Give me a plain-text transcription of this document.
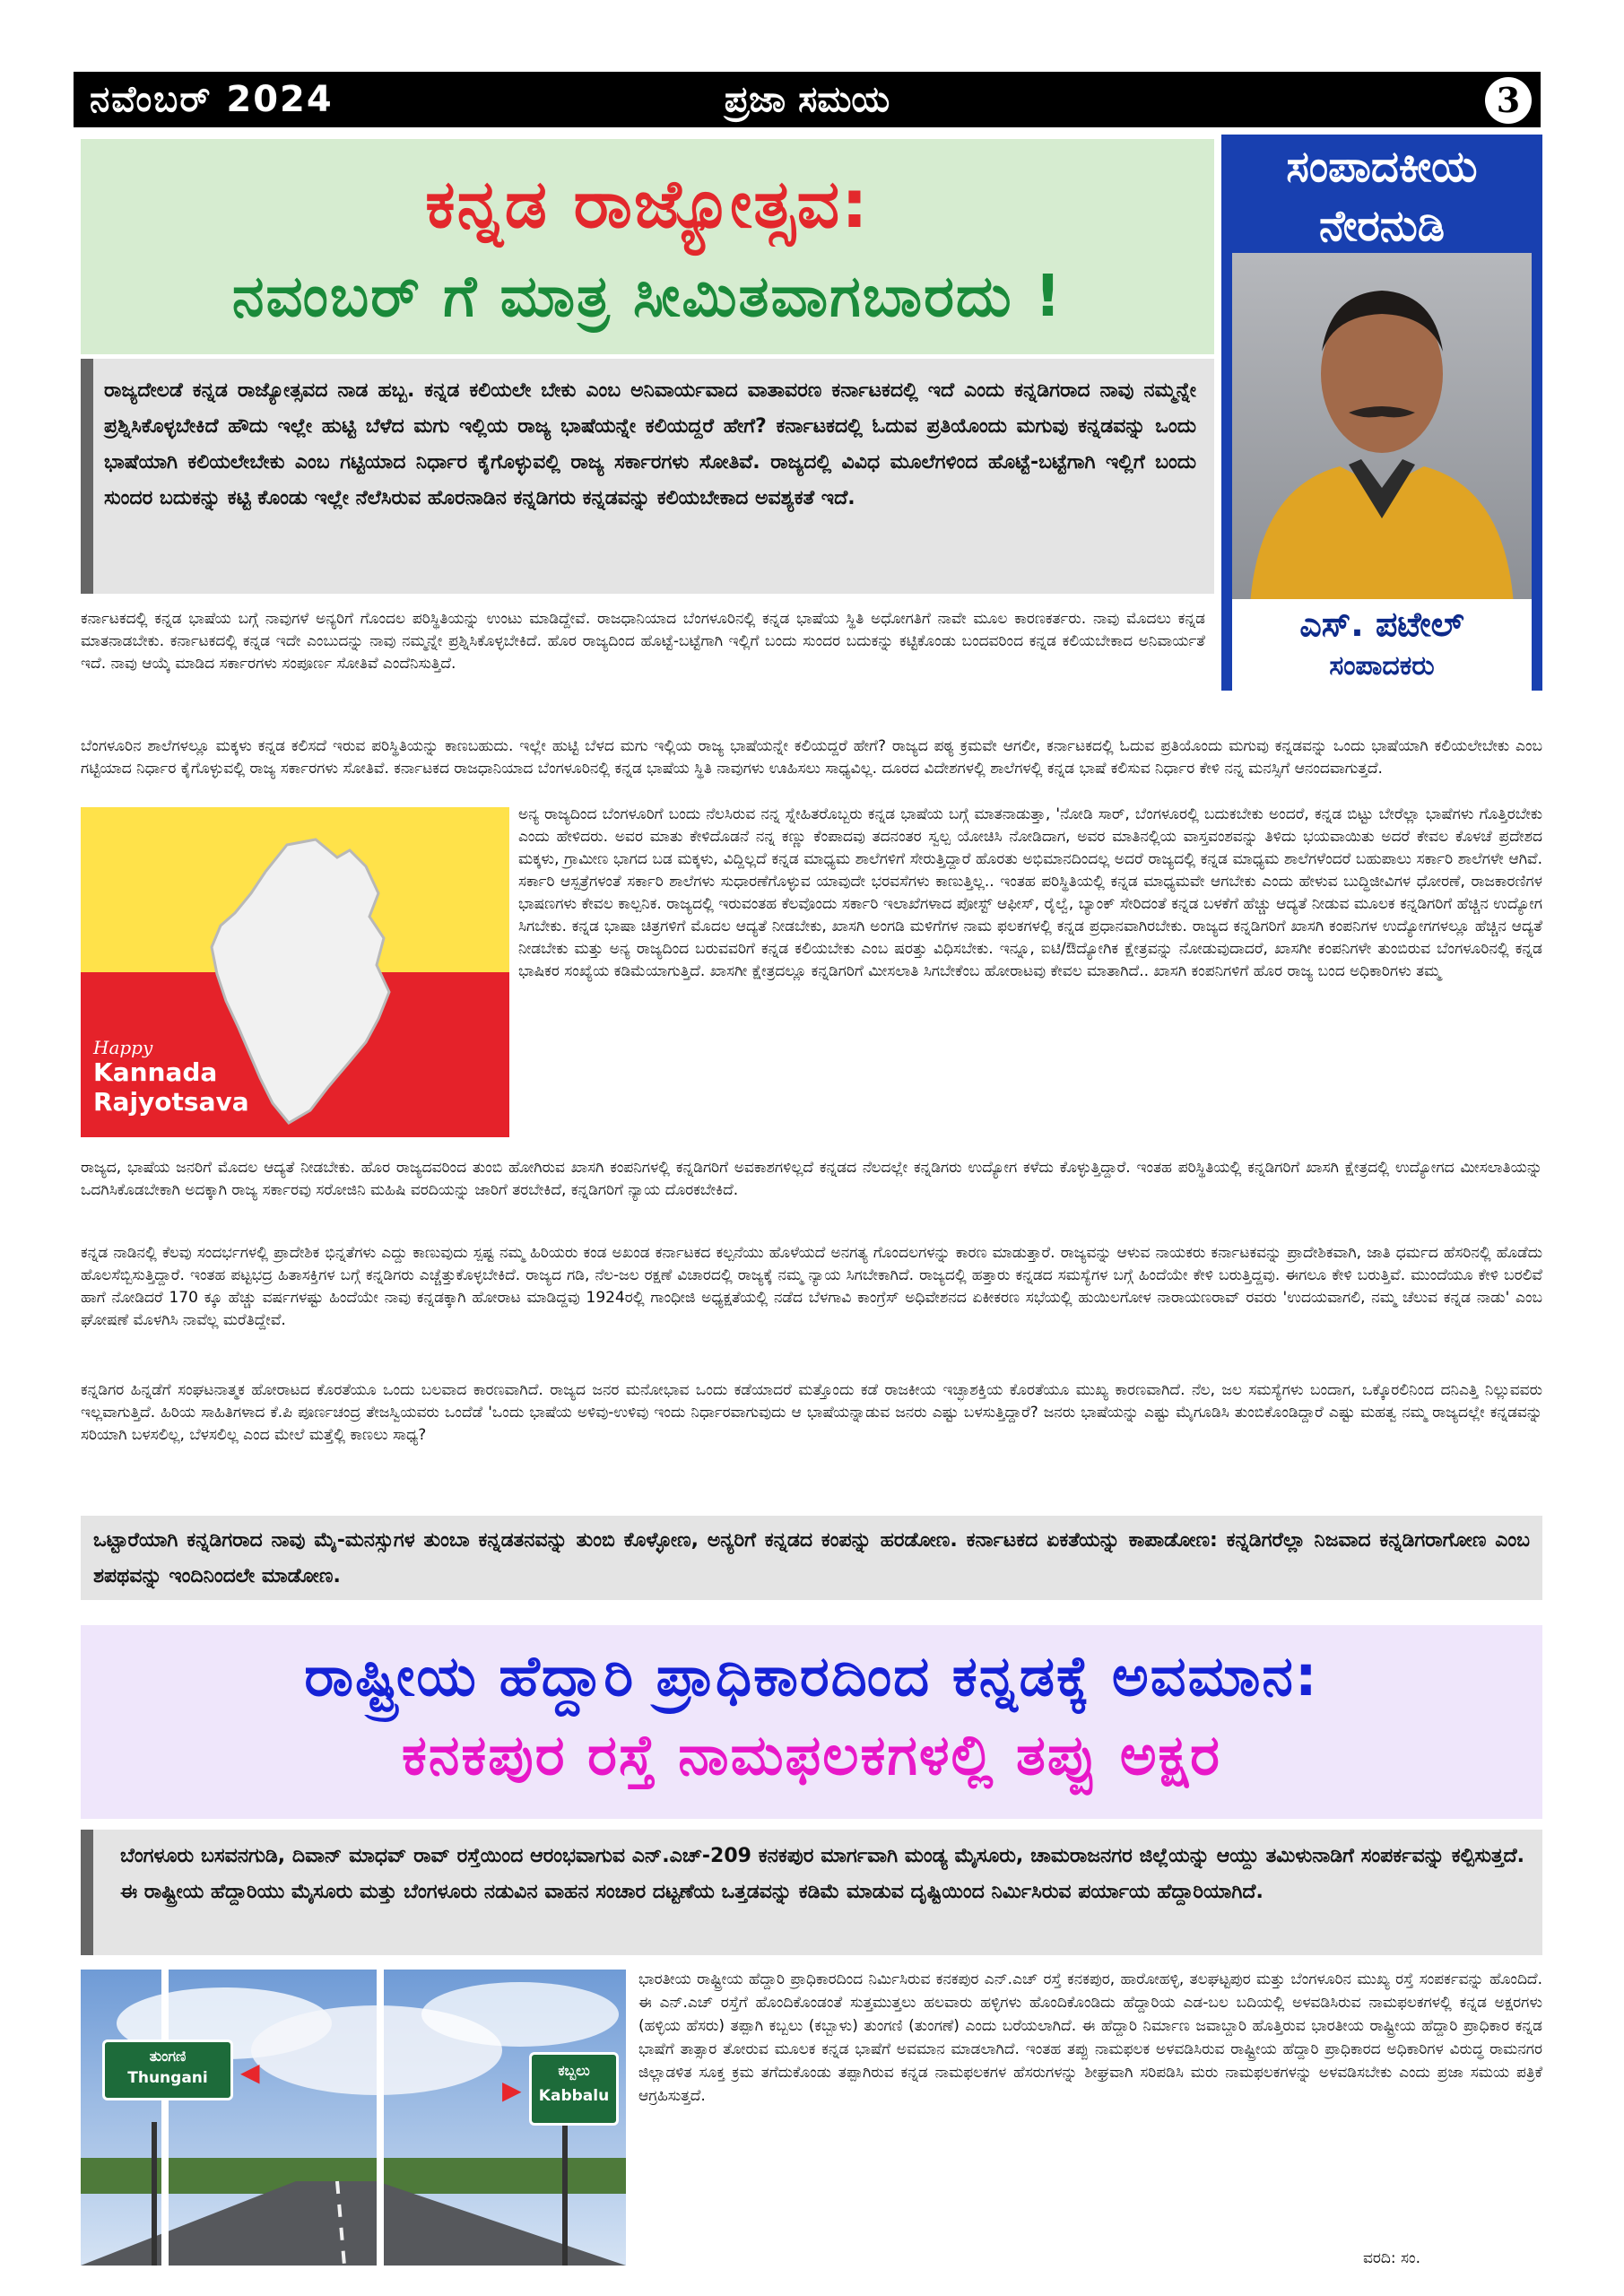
ನವೆಂಬರ್ 2024	ಪ್ರಜಾ ಸಮಯ	3
ಕನ್ನಡ ರಾಜ್ಯೋತ್ಸವ:
ನವಂಬರ್ ಗೆ ಮಾತ್ರ ಸೀಮಿತವಾಗಬಾರದು !
ಸಂಪಾದಕೀಯ
ನೇರನುಡಿ
ಎಸ್. ಪಟೇಲ್
ಸಂಪಾದಕರು

ರಾಜ್ಯದೇಲಡೆ ಕನ್ನಡ ರಾಜ್ಯೋತ್ಸವದ ನಾಡ ಹಬ್ಬ. ಕನ್ನಡ ಕಲಿಯಲೇ ಬೇಕು ಎಂಬ ಅನಿವಾರ್ಯವಾದ ವಾತಾವರಣ ಕರ್ನಾಟಕದಲ್ಲಿ ಇದೆ ಎಂದು ಕನ್ನಡಿಗರಾದ ನಾವು ನಮ್ಮನ್ನೇ ಪ್ರಶ್ನಿಸಿಕೊಳ್ಳಬೇಕಿದೆ ಹೌದು ಇಲ್ಲೇ ಹುಟ್ಟಿ ಬೆಳೆದ ಮಗು ಇಲ್ಲಿಯ ರಾಜ್ಯ ಭಾಷೆಯನ್ನೇ ಕಲಿಯದ್ದರೆ ಹೇಗೆ? ಕರ್ನಾಟಕದಲ್ಲಿ ಓದುವ ಪ್ರತಿಯೊಂದು ಮಗುವು ಕನ್ನಡವನ್ನು ಒಂದು ಭಾಷೆಯಾಗಿ ಕಲಿಯಲೇಬೇಕು ಎಂಬ ಗಟ್ಟಿಯಾದ ನಿರ್ಧಾರ ಕೈಗೊಳ್ಳುವಲ್ಲಿ ರಾಜ್ಯ ಸರ್ಕಾರಗಳು ಸೋತಿವೆ. ರಾಜ್ಯದಲ್ಲಿ ವಿವಿಧ ಮೂಲೆಗಳಿಂದ ಹೊಟ್ಟೆ-ಬಟ್ಟೆಗಾಗಿ ಇಲ್ಲಿಗೆ ಬಂದು ಸುಂದರ ಬದುಕನ್ನು ಕಟ್ಟಿ ಕೊಂಡು ಇಲ್ಲೇ ನೆಲೆಸಿರುವ ಹೊರನಾಡಿನ ಕನ್ನಡಿಗರು ಕನ್ನಡವನ್ನು ಕಲಿಯಬೇಕಾದ ಅವಶ್ಯಕತೆ ಇದೆ.

ಕರ್ನಾಟಕದಲ್ಲಿ ಕನ್ನಡ ಭಾಷೆಯ ಬಗ್ಗೆ ನಾವುಗಳೆ ಅನ್ಯರಿಗೆ ಗೊಂದಲ ಪರಿಸ್ಥಿತಿಯನ್ನು ಉಂಟು ಮಾಡಿದ್ದೇವೆ. ರಾಜಧಾನಿಯಾದ ಬೆಂಗಳೂರಿನಲ್ಲಿ ಕನ್ನಡ ಭಾಷೆಯ ಸ್ಥಿತಿ ಅಧೋಗತಿಗೆ ನಾವೇ ಮೂಲ ಕಾರಣಕರ್ತರು. ನಾವು ಮೊದಲು ಕನ್ನಡ ಮಾತನಾಡಬೇಕು. ಕರ್ನಾಟಕದಲ್ಲಿ ಕನ್ನಡ ಇದೇ ಎಂಬುದನ್ನು ನಾವು ನಮ್ಮನ್ನೇ ಪ್ರಶ್ನಿಸಿಕೊಳ್ಳಬೇಕಿದೆ. ಹೊರ ರಾಜ್ಯದಿಂದ ಹೊಟ್ಟೆ-ಬಟ್ಟೆಗಾಗಿ ಇಲ್ಲಿಗೆ ಬಂದು ಸುಂದರ ಬದುಕನ್ನು ಕಟ್ಟಿಕೊಂಡು ಬಂದವರಿಂದ ಕನ್ನಡ ಕಲಿಯಬೇಕಾದ ಅನಿವಾರ್ಯತೆ ಇದೆ. ನಾವು ಆಯ್ಕೆ ಮಾಡಿದ ಸರ್ಕಾರಗಳು ಸಂಪೂರ್ಣ ಸೋತಿವೆ ಎಂದೆನಿಸುತ್ತಿದೆ.

ಬೆಂಗಳೂರಿನ ಶಾಲೆಗಳಲ್ಲೂ ಮಕ್ಕಳು ಕನ್ನಡ ಕಲಿಸದೆ ಇರುವ ಪರಿಸ್ಥಿತಿಯನ್ನು ಕಾಣಬಹುದು. ಇಲ್ಲೇ ಹುಟ್ಟಿ ಬೆಳದ ಮಗು ಇಲ್ಲಿಯ ರಾಜ್ಯ ಭಾಷೆಯನ್ನೇ ಕಲಿಯದ್ದರೆ ಹೇಗೆ? ರಾಜ್ಯದ ಪಠ್ಯ ಕ್ರಮವೇ ಆಗಲೀ, ಕರ್ನಾಟಕದಲ್ಲಿ ಓದುವ ಪ್ರತಿಯೊಂದು ಮಗುವು ಕನ್ನಡವನ್ನು ಒಂದು ಭಾಷೆಯಾಗಿ ಕಲಿಯಲೇಬೇಕು ಎಂಬ ಗಟ್ಟಿಯಾದ ನಿರ್ಧಾರ ಕೈಗೊಳ್ಳುವಲ್ಲಿ ರಾಜ್ಯ ಸರ್ಕಾರಗಳು ಸೋತಿವೆ. ಕರ್ನಾಟಕದ ರಾಜಧಾನಿಯಾದ ಬೆಂಗಳೂರಿನಲ್ಲಿ ಕನ್ನಡ ಭಾಷೆಯ ಸ್ಥಿತಿ ನಾವುಗಳು ಊಹಿಸಲು ಸಾಧ್ಯವಿಲ್ಲ. ದೂರದ ವಿದೇಶಗಳಲ್ಲಿ ಶಾಲೆಗಳಲ್ಲಿ ಕನ್ನಡ ಭಾಷೆ ಕಲಿಸುವ ನಿರ್ಧಾರ ಕೇಳಿ ನನ್ನ ಮನಸ್ಸಿಗೆ ಆನಂದವಾಗುತ್ತದೆ.

Happy
Kannada
Rajyotsava

ಅನ್ಯ ರಾಜ್ಯದಿಂದ ಬೆಂಗಳೂರಿಗೆ ಬಂದು ನೆಲಸಿರುವ ನನ್ನ ಸ್ನೇಹಿತರೊಬ್ಬರು ಕನ್ನಡ ಭಾಷೆಯ ಬಗ್ಗೆ ಮಾತನಾಡುತ್ತಾ, 'ನೋಡಿ ಸಾರ್, ಬೆಂಗಳೂರಲ್ಲಿ ಬದುಕಬೇಕು ಅಂದರೆ, ಕನ್ನಡ ಬಿಟ್ಟು ಬೇರೆಲ್ಲಾ ಭಾಷೆಗಳು ಗೊತ್ತಿರಬೇಕು ಎಂದು ಹೇಳಿದರು. ಅವರ ಮಾತು ಕೇಳಿದೊಡನೆ ನನ್ನ ಕಣ್ಣು ಕೆಂಪಾದವು ತದನಂತರ ಸ್ವಲ್ಪ ಯೋಚಿಸಿ ನೋಡಿದಾಗ, ಅವರ ಮಾತಿನಲ್ಲಿಯ ವಾಸ್ತವಂಶವನ್ನು ತಿಳಿದು ಭಯವಾಯಿತು ಅದರೆ ಕೇವಲ ಕೊಳಚೆ ಪ್ರದೇಶದ ಮಕ್ಕಳು, ಗ್ರಾಮೀಣ ಭಾಗದ ಬಡ ಮಕ್ಕಳು, ವಿದ್ದಿಲ್ಲದೆ ಕನ್ನಡ ಮಾಧ್ಯಮ ಶಾಲೆಗಳಿಗೆ ಸೇರುತ್ತಿದ್ದಾರೆ ಹೊರತು ಅಭಿಮಾನದಿಂದಲ್ಲ ಅದರೆ ರಾಜ್ಯದಲ್ಲಿ ಕನ್ನಡ ಮಾಧ್ಯಮ ಶಾಲೆಗಳೆಂದರೆ ಬಹುಪಾಲು ಸರ್ಕಾರಿ ಶಾಲೆಗಳೇ ಆಗಿವೆ. ಸರ್ಕಾರಿ ಆಸ್ಪತ್ರೆಗಳಂತೆ ಸರ್ಕಾರಿ ಶಾಲೆಗಳು ಸುಧಾರಣೆಗೊಳ್ಳುವ ಯಾವುದೇ ಭರವಸೆಗಳು ಕಾಣುತ್ತಿಲ್ಲ.. ಇಂತಹ ಪರಿಸ್ಥಿತಿಯಲ್ಲಿ ಕನ್ನಡ ಮಾಧ್ಯಮವೇ ಆಗಬೇಕು ಎಂದು ಹೇಳುವ ಬುದ್ಧಿಜೀವಿಗಳ ಧೋರಣೆ, ರಾಜಕಾರಣಿಗಳ ಭಾಷಣಗಳು ಕೇವಲ ಕಾಲ್ಪನಿಕ. ರಾಜ್ಯದಲ್ಲಿ ಇರುವಂತಹ ಕೆಲವೊಂದು ಸರ್ಕಾರಿ ಇಲಾಖೆಗಳಾದ ಪೋಸ್ಟ್ ಆಫೀಸ್, ರೈಲ್ವೆ, ಬ್ಯಾಂಕ್ ಸೇರಿದಂತೆ ಕನ್ನಡ ಬಳಕೆಗೆ ಹೆಚ್ಚು ಆದ್ಯತೆ ನೀಡುವ ಮೂಲಕ ಕನ್ನಡಿಗರಿಗೆ ಹೆಚ್ಚಿನ ಉದ್ಯೋಗ ಸಿಗಬೇಕು. ಕನ್ನಡ ಭಾಷಾ ಚಿತ್ರಗಳಿಗೆ ಮೊದಲ ಆದ್ಯತೆ ನೀಡಬೇಕು, ಖಾಸಗಿ ಅಂಗಡಿ ಮಳಿಗೆಗಳ ನಾಮ ಫಲಕಗಳಲ್ಲಿ ಕನ್ನಡ ಪ್ರಧಾನವಾಗಿರಬೇಕು. ರಾಜ್ಯದ ಕನ್ನಡಿಗರಿಗೆ ಖಾಸಗಿ ಕಂಪನಿಗಳ ಉದ್ಯೋಗಗಳಲ್ಲೂ ಹೆಚ್ಚಿನ ಆದ್ಯತೆ ನೀಡಬೇಕು ಮತ್ತು ಅನ್ಯ ರಾಜ್ಯದಿಂದ ಬರುವವರಿಗೆ ಕನ್ನಡ ಕಲಿಯಬೇಕು ಎಂಬ ಷರತ್ತು ವಿಧಿಸಬೇಕು. ಇನ್ನೂ, ಐಟಿ/ಔದ್ಯೋಗಿಕ ಕ್ಷೇತ್ರವನ್ನು ನೋಡುವುದಾದರೆ, ಖಾಸಗೀ ಕಂಪನಿಗಳೇ ತುಂಬಿರುವ ಬೆಂಗಳೂರಿನಲ್ಲಿ ಕನ್ನಡ ಭಾಷಿಕರ ಸಂಖ್ಯೆಯ ಕಡಿಮೆಯಾಗುತ್ತಿದೆ. ಖಾಸಗೀ ಕ್ಷೇತ್ರದಲ್ಲೂ ಕನ್ನಡಿಗರಿಗೆ ಮೀಸಲಾತಿ ಸಿಗಬೇಕೆಂಬ ಹೋರಾಟವು ಕೇವಲ ಮಾತಾಗಿದೆ.. ಖಾಸಗಿ ಕಂಪನಿಗಳಿಗೆ ಹೊರ ರಾಜ್ಯ ಬಂದ ಅಧಿಕಾರಿಗಳು ತಮ್ಮ

ರಾಜ್ಯದ, ಭಾಷೆಯ ಜನರಿಗೆ ಮೊದಲ ಆದ್ಯತೆ ನೀಡಬೇಕು. ಹೊರ ರಾಜ್ಯದವರಿಂದ ತುಂಬಿ ಹೋಗಿರುವ ಖಾಸಗಿ ಕಂಪನಿಗಳಲ್ಲಿ ಕನ್ನಡಿಗರಿಗೆ ಅವಕಾಶಗಳಿಲ್ಲದೆ ಕನ್ನಡದ ನೆಲದಲ್ಲೇ ಕನ್ನಡಿಗರು ಉದ್ಯೋಗ ಕಳೆದು ಕೊಳ್ಳುತ್ತಿದ್ದಾರೆ. ಇಂತಹ ಪರಿಸ್ಥಿತಿಯಲ್ಲಿ ಕನ್ನಡಿಗರಿಗೆ ಖಾಸಗಿ ಕ್ಷೇತ್ರದಲ್ಲಿ ಉದ್ಯೋಗದ ಮೀಸಲಾತಿಯನ್ನು ಒದಗಿಸಿಕೊಡಬೇಕಾಗಿ ಅದಕ್ಕಾಗಿ ರಾಜ್ಯ ಸರ್ಕಾರವು ಸರೋಜಿನಿ ಮಹಿಷಿ ವರದಿಯನ್ನು ಜಾರಿಗೆ ತರಬೇಕಿದೆ, ಕನ್ನಡಿಗರಿಗೆ ನ್ಯಾಯ ದೊರಕಬೇಕಿದೆ.

ಕನ್ನಡ ನಾಡಿನಲ್ಲಿ ಕೆಲವು ಸಂದರ್ಭಗಳಲ್ಲಿ ಪ್ರಾದೇಶಿಕ ಭಿನ್ನತೆಗಳು ಎದ್ದು ಕಾಣುವುದು ಸ್ಪಷ್ಟ ನಮ್ಮ ಹಿರಿಯರು ಕಂಡ ಅಖಂಡ ಕರ್ನಾಟಕದ ಕಲ್ಪನೆಯು ಹೊಳೆಯದೆ ಅನಗತ್ಯ ಗೊಂದಲಗಳನ್ನು ಕಾರಣ ಮಾಡುತ್ತಾರೆ. ರಾಜ್ಯವನ್ನು ಆಳುವ ನಾಯಕರು ಕರ್ನಾಟಕವನ್ನು ಪ್ರಾದೇಶಿಕವಾಗಿ, ಜಾತಿ ಧರ್ಮದ ಹೆಸರಿನಲ್ಲಿ ಹೊಡೆದು ಹೊಲಸೆಬ್ಬಿಸುತ್ತಿದ್ದಾರೆ. ಇಂತಹ ಪಟ್ಟಭದ್ರ ಹಿತಾಸಕ್ತಿಗಳ ಬಗ್ಗೆ ಕನ್ನಡಿಗರು ಎಚ್ಚೆತ್ತುಕೊಳ್ಳಬೇಕಿದೆ. ರಾಜ್ಯದ ಗಡಿ, ನೆಲ-ಜಲ ರಕ್ಷಣೆ ವಿಚಾರದಲ್ಲಿ ರಾಜ್ಯಕ್ಕೆ ನಮ್ಮ ನ್ಯಾಯ ಸಿಗಬೇಕಾಗಿದೆ. ರಾಜ್ಯದಲ್ಲಿ ಹತ್ತಾರು ಕನ್ನಡದ ಸಮಸ್ಯೆಗಳ ಬಗ್ಗೆ ಹಿಂದೆಯೇ ಕೇಳಿ ಬರುತ್ತಿದ್ದವು. ಈಗಲೂ ಕೇಳಿ ಬರುತ್ತಿವೆ. ಮುಂದೆಯೂ ಕೇಳಿ ಬರಲಿವೆ ಹಾಗೆ ನೋಡಿದರೆ 170 ಕ್ಕೂ ಹೆಚ್ಚು ವರ್ಷಗಳಷ್ಟು ಹಿಂದೆಯೇ ನಾವು ಕನ್ನಡಕ್ಕಾಗಿ ಹೋರಾಟ ಮಾಡಿದ್ದವು 1924ರಲ್ಲಿ ಗಾಂಧೀಜಿ ಅಧ್ಯಕ್ಷತೆಯಲ್ಲಿ ನಡೆದ ಬೆಳಗಾವಿ ಕಾಂಗ್ರೆಸ್ ಅಧಿವೇಶನದ ಏಕೀಕರಣ ಸಭೆಯಲ್ಲಿ ಹುಯಿಲಗೋಳ ನಾರಾಯಣರಾವ್ ರವರು 'ಉದಯವಾಗಲಿ, ನಮ್ಮ ಚೆಲುವ ಕನ್ನಡ ನಾಡು' ಎಂಬ ಘೋಷಣೆ ಮೊಳಗಿಸಿ ನಾವೆಲ್ಲ ಮರೆತಿದ್ದೇವೆ.

ಕನ್ನಡಿಗರ ಹಿನ್ನಡೆಗೆ ಸಂಘಟನಾತ್ಮಕ ಹೋರಾಟದ ಕೊರತೆಯೂ ಒಂದು ಬಲವಾದ ಕಾರಣವಾಗಿದೆ. ರಾಜ್ಯದ ಜನರ ಮನೋಭಾವ ಒಂದು ಕಡೆಯಾದರೆ ಮತ್ತೊಂದು ಕಡೆ ರಾಜಕೀಯ ಇಚ್ಛಾಶಕ್ತಿಯ ಕೊರತೆಯೂ ಮುಖ್ಯ ಕಾರಣವಾಗಿದೆ. ನೆಲ, ಜಲ ಸಮಸ್ಯೆಗಳು ಬಂದಾಗ, ಒಕ್ಕೊರಲಿನಿಂದ ದನಿಎತ್ತಿ ನಿಲ್ಲುವವರು ಇಲ್ಲವಾಗುತ್ತಿದೆ. ಹಿರಿಯ ಸಾಹಿತಿಗಳಾದ ಕೆ.ಪಿ ಪೂರ್ಣಚಂದ್ರ ತೇಜಸ್ವಿಯವರು ಒಂದೆಡೆ 'ಒಂದು ಭಾಷೆಯ ಅಳಿವು-ಉಳಿವು ಇಂದು ನಿರ್ಧಾರವಾಗುವುದು ಆ ಭಾಷೆಯನ್ನಾಡುವ ಜನರು ಎಷ್ಟು ಬಳಸುತ್ತಿದ್ದಾರೆ? ಜನರು ಭಾಷೆಯನ್ನು ಎಷ್ಟು ಮೈಗೂಡಿಸಿ ತುಂಬಿಕೊಂಡಿದ್ದಾರೆ ಎಷ್ಟು ಮಹತ್ವ ನಮ್ಮ ರಾಜ್ಯದಲ್ಲೇ ಕನ್ನಡವನ್ನು ಸರಿಯಾಗಿ ಬಳಸಲಿಲ್ಲ, ಬೆಳಸಲಿಲ್ಲ ಎಂದ ಮೇಲೆ ಮತ್ತೆಲ್ಲಿ ಕಾಣಲು ಸಾಧ್ಯ?

ಒಟ್ಟಾರೆಯಾಗಿ ಕನ್ನಡಿಗರಾದ ನಾವು ಮೈ-ಮನಸ್ಸುಗಳ ತುಂಬಾ ಕನ್ನಡತನವನ್ನು ತುಂಬಿ ಕೊಳ್ಳೋಣ, ಅನ್ಯರಿಗೆ ಕನ್ನಡದ ಕಂಪನ್ನು ಹರಡೋಣ. ಕರ್ನಾಟಕದ ಏಕತೆಯನ್ನು ಕಾಪಾಡೋಣ: ಕನ್ನಡಿಗರೆಲ್ಲಾ ನಿಜವಾದ ಕನ್ನಡಿಗರಾಗೋಣ ಎಂಬ ಶಪಥವನ್ನು ಇಂದಿನಿಂದಲೇ ಮಾಡೋಣ.

ರಾಷ್ಟ್ರೀಯ ಹೆದ್ದಾರಿ ಪ್ರಾಧಿಕಾರದಿಂದ ಕನ್ನಡಕ್ಕೆ ಅವಮಾನ:
ಕನಕಪುರ ರಸ್ತೆ ನಾಮಫಲಕಗಳಲ್ಲಿ ತಪ್ಪು ಅಕ್ಷರ

ಬೆಂಗಳೂರು ಬಸವನಗುಡಿ, ದಿವಾನ್ ಮಾಧವ್ ರಾವ್ ರಸ್ತೆಯಿಂದ ಆರಂಭವಾಗುವ ಎನ್.ಎಚ್-209 ಕನಕಪುರ ಮಾರ್ಗವಾಗಿ ಮಂಡ್ಯ ಮೈಸೂರು, ಚಾಮರಾಜನಗರ ಜಿಲ್ಲೆಯನ್ನು ಆಯ್ದು ತಮಿಳುನಾಡಿಗೆ ಸಂಪರ್ಕವನ್ನು ಕಲ್ಪಿಸುತ್ತದೆ. ಈ ರಾಷ್ಟ್ರೀಯ ಹೆದ್ದಾರಿಯು ಮೈಸೂರು ಮತ್ತು ಬೆಂಗಳೂರು ನಡುವಿನ ವಾಹನ ಸಂಚಾರ ದಟ್ಟಣೆಯ ಒತ್ತಡವನ್ನು ಕಡಿಮೆ ಮಾಡುವ ದೃಷ್ಟಿಯಿಂದ ನಿರ್ಮಿಸಿರುವ ಪರ್ಯಾಯ ಹೆದ್ದಾರಿಯಾಗಿದೆ.

ತುಂಗಣಿ
Thungani	◀	ಕಬ್ಬಲು
Kabbalu
▶

ಭಾರತೀಯ ರಾಷ್ಟ್ರೀಯ ಹೆದ್ದಾರಿ ಪ್ರಾಧಿಕಾರದಿಂದ ನಿರ್ಮಿಸಿರುವ ಕನಕಪುರ ಎನ್.ಎಚ್ ರಸ್ತೆ ಕನಕಪುರ, ಹಾರೋಹಳ್ಳಿ, ತಲಘಟ್ಟಪುರ ಮತ್ತು ಬೆಂಗಳೂರಿನ ಮುಖ್ಯ ರಸ್ತೆ ಸಂಪರ್ಕವನ್ನು ಹೊಂದಿದೆ. ಈ ಎನ್.ಎಚ್ ರಸ್ತೆಗೆ ಹೊಂದಿಕೊಂಡಂತೆ ಸುತ್ತಮುತ್ತಲು ಹಲವಾರು ಹಳ್ಳಿಗಳು ಹೊಂದಿಕೊಂಡಿದು ಹೆದ್ದಾರಿಯ ಎಡ-ಬಲ ಬದಿಯಲ್ಲಿ ಅಳವಡಿಸಿರುವ ನಾಮಫಲಕಗಳಲ್ಲಿ ಕನ್ನಡ ಅಕ್ಷರಗಳು (ಹಳ್ಳಿಯ ಹೆಸರು) ತಪ್ಪಾಗಿ ಕಬ್ಬಲು (ಕಬ್ಬಾಳು) ತುಂಗಣಿ (ತುಂಗಣೆ) ಎಂದು ಬರೆಯಲಾಗಿದೆ. ಈ ಹೆದ್ದಾರಿ ನಿರ್ಮಾಣ ಜವಾಬ್ದಾರಿ ಹೊತ್ತಿರುವ ಭಾರತೀಯ ರಾಷ್ಟ್ರೀಯ ಹೆದ್ದಾರಿ ಪ್ರಾಧಿಕಾರ ಕನ್ನಡ ಭಾಷೆಗೆ ತಾತ್ಸಾರ ತೋರುವ ಮೂಲಕ ಕನ್ನಡ ಭಾಷೆಗೆ ಅವಮಾನ ಮಾಡಲಾಗಿದೆ. ಇಂತಹ ತಪ್ಪು ನಾಮಫಲಕ ಅಳವಡಿಸಿರುವ ರಾಷ್ಟ್ರೀಯ ಹೆದ್ದಾರಿ ಪ್ರಾಧಿಕಾರದ ಅಧಿಕಾರಿಗಳ ವಿರುದ್ಧ ರಾಮನಗರ ಜಿಲ್ಲಾಡಳಿತ ಸೂಕ್ತ ಕ್ರಮ ತಗೆದುಕೊಂಡು ತಪ್ಪಾಗಿರುವ ಕನ್ನಡ ನಾಮಫಲಕಗಳ ಹೆಸರುಗಳನ್ನು ಶೀಘ್ರವಾಗಿ ಸರಿಪಡಿಸಿ ಮರು ನಾಮಫಲಕಗಳನ್ನು ಅಳವಡಿಸಬೇಕು ಎಂದು ಪ್ರಜಾ ಸಮಯ ಪತ್ರಿಕೆ ಆಗ್ರಹಿಸುತ್ತದೆ.

ವರದಿ: ಸಂ.
